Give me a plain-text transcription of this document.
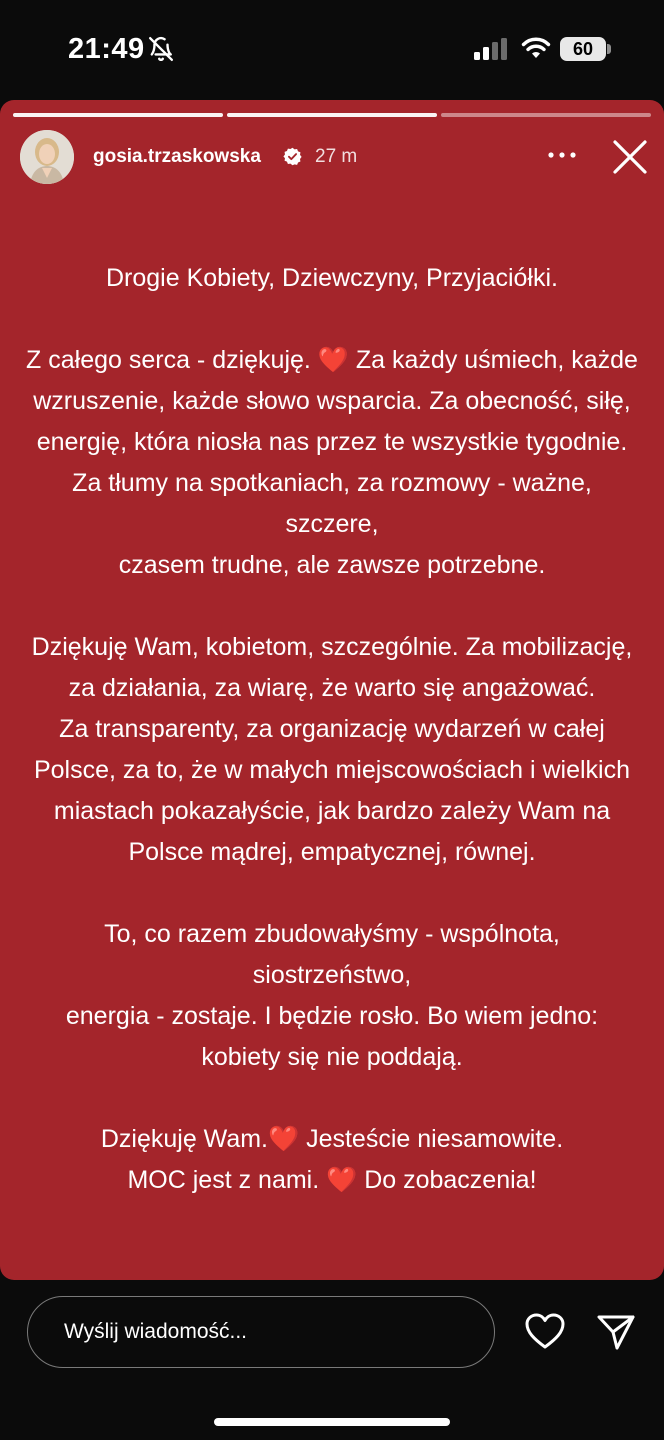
21:49	60
gosia.trzaskowska	27 m
Drogie Kobiety, Dziewczyny, Przyjaciółki.
Z całego serca - dziękuję. ❤️ Za każdy uśmiech, każde
wzruszenie, każde słowo wsparcia. Za obecność, siłę,
energię, która niosła nas przez te wszystkie tygodnie.
Za tłumy na spotkaniach, za rozmowy - ważne, szczere,
czasem trudne, ale zawsze potrzebne.
Dziękuję Wam, kobietom, szczególnie. Za mobilizację,
za działania, za wiarę, że warto się angażować.
Za transparenty, za organizację wydarzeń w całej
Polsce, za to, że w małych miejscowościach i wielkich
miastach pokazałyście, jak bardzo zależy Wam na
Polsce mądrej, empatycznej, równej.
To, co razem zbudowałyśmy - wspólnota, siostrzeństwo,
energia - zostaje. I będzie rosło. Bo wiem jedno:
kobiety się nie poddają.
Dziękuję Wam.❤️ Jesteście niesamowite.
MOC jest z nami. ❤️ Do zobaczenia!
Wyślij wiadomość...
